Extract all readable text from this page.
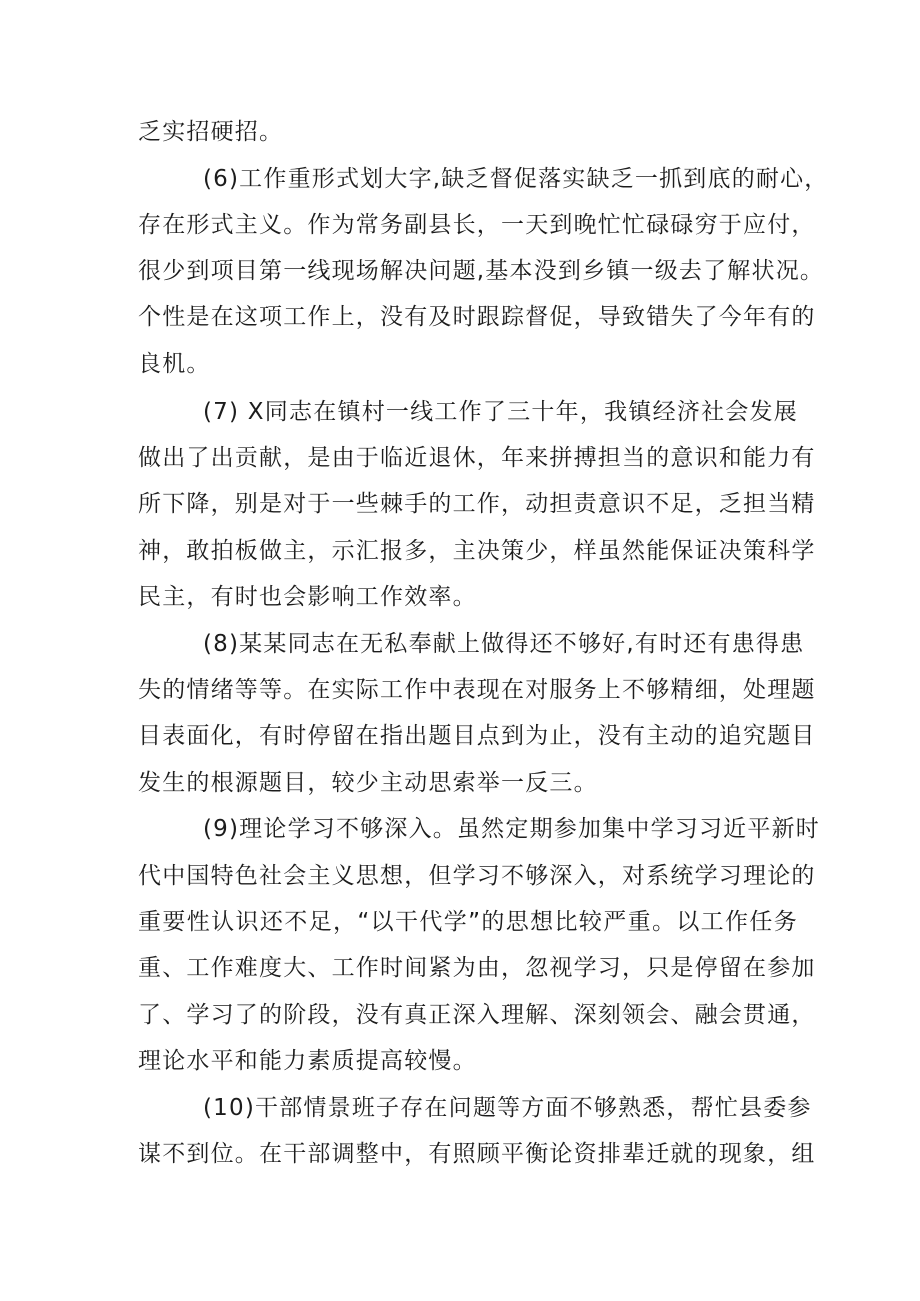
乏实招硬招。
(6)工作重形式划大字,缺乏督促落实缺乏一抓到底的耐心，
存在形式主义。作为常务副县长，一天到晚忙忙碌碌穷于应付，
很少到项目第一线现场解决问题,基本没到乡镇一级去了解状况。
个性是在这项工作上，没有及时跟踪督促，导致错失了今年有的
良机。
(7) X同志在镇村一线工作了三十年，我镇经济社会发展
做出了出贡献，是由于临近退休，年来拼搏担当的意识和能力有
所下降，别是对于一些棘手的工作，动担责意识不足，乏担当精
神，敢拍板做主，示汇报多，主决策少，样虽然能保证决策科学
民主，有时也会影响工作效率。
(8)某某同志在无私奉献上做得还不够好,有时还有患得患
失的情绪等等。在实际工作中表现在对服务上不够精细，处理题
目表面化，有时停留在指出题目点到为止，没有主动的追究题目
发生的根源题目，较少主动思索举一反三。
(9)理论学习不够深入。虽然定期参加集中学习习近平新时
代中国特色社会主义思想，但学习不够深入，对系统学习理论的
重要性认识还不足，“以干代学”的思想比较严重。以工作任务
重、工作难度大、工作时间紧为由，忽视学习，只是停留在参加
了、学习了的阶段，没有真正深入理解、深刻领会、融会贯通，
理论水平和能力素质提高较慢。
(10)干部情景班子存在问题等方面不够熟悉，帮忙县委参
谋不到位。在干部调整中，有照顾平衡论资排辈迁就的现象，组
